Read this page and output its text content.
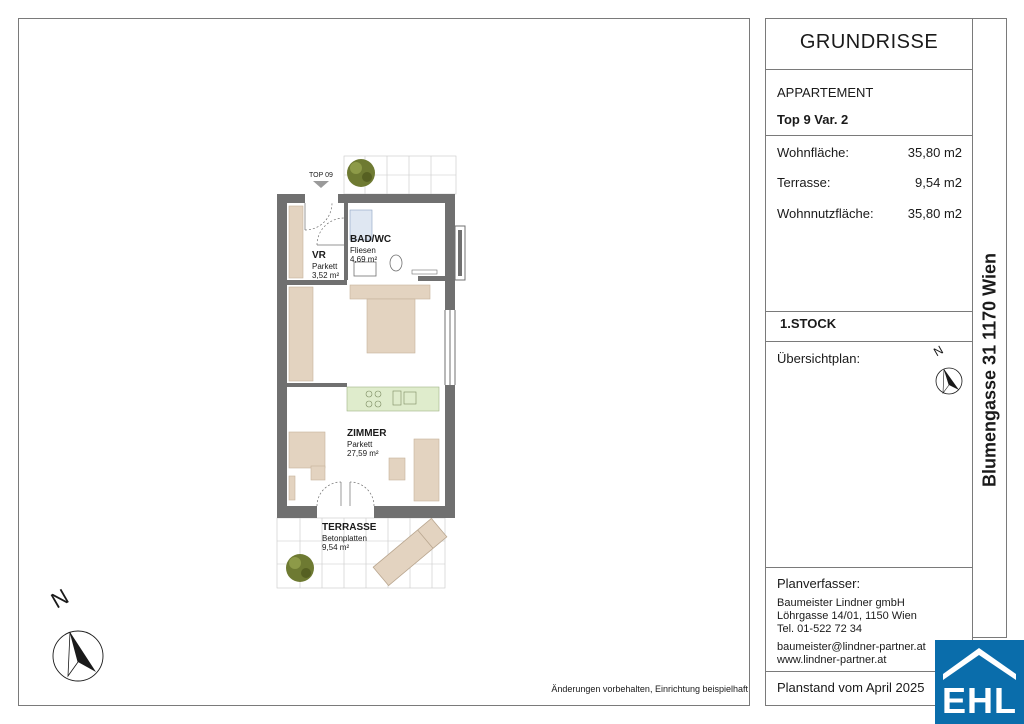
N
N
TOP 09
BAD/WC
Fliesen
4,69 m²
VR
Parkett
3,52 m²
ZIMMER
Parkett
27,59 m²
TERRASSE
Betonplatten
9,54 m²
Änderungen vorbehalten, Einrichtung beispielhaft
GRUNDRISSE
APPARTEMENT
Top 9 Var. 2
Wohnfläche:	35,80 m2
Terrasse:	9,54 m2
Wohnnutzfläche:	35,80 m2
1.STOCK
Übersichtplan:
Planverfasser:
Baumeister Lindner gmbH
Löhrgasse 14/01, 1150 Wien
Tel. 01-522 72 34
baumeister@lindner-partner.at
www.lindner-partner.at
Planstand vom April 2025
Blumengasse 31 1170 Wien
EHL
